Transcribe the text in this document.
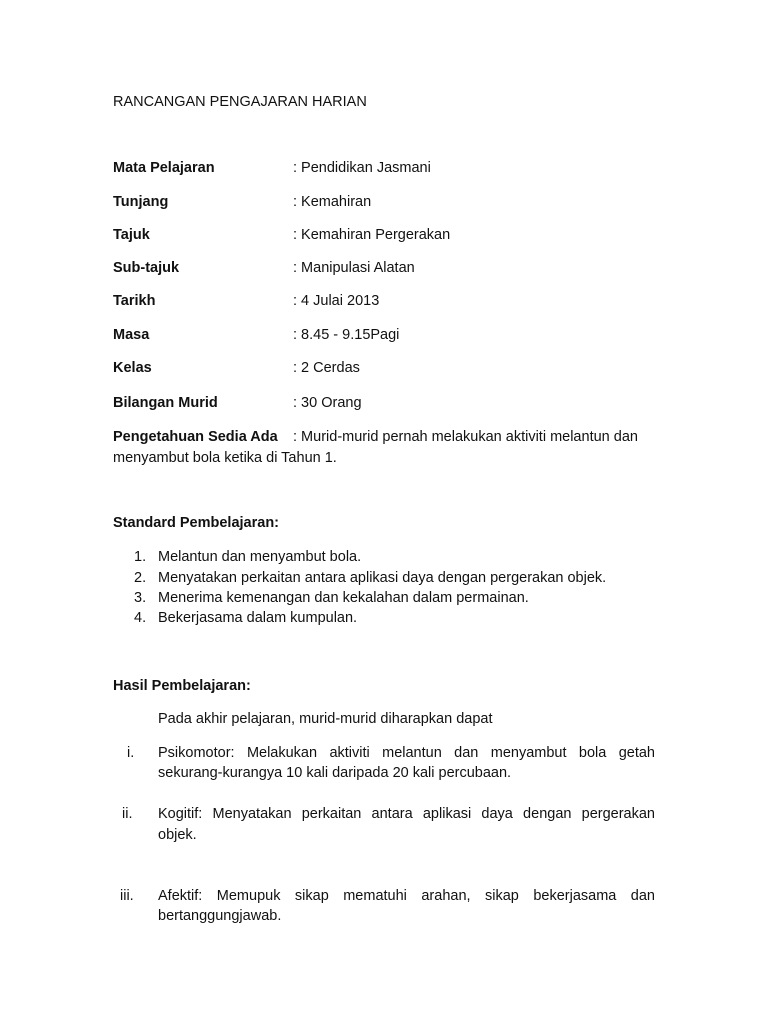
RANCANGAN PENGAJARAN HARIAN
Mata Pelajaran	: Pendidikan Jasmani
Tunjang	: Kemahiran
Tajuk	: Kemahiran Pergerakan
Sub-tajuk	: Manipulasi Alatan
Tarikh	: 4 Julai 2013
Masa	: 8.45 - 9.15Pagi
Kelas	: 2 Cerdas
Bilangan Murid	: 30 Orang
Pengetahuan Sedia Ada : Murid-murid pernah melakukan aktiviti melantun dan
menyambut bola ketika di Tahun 1.
Standard Pembelajaran:
1. Melantun dan menyambut bola.
2. Menyatakan perkaitan antara aplikasi daya dengan pergerakan objek.
3. Menerima kemenangan dan kekalahan dalam permainan.
4. Bekerjasama dalam kumpulan.
Hasil Pembelajaran:
Pada akhir pelajaran, murid-murid diharapkan dapat
i. Psikomotor: Melakukan aktiviti melantun dan menyambut bola getah
sekurang-kurangya 10 kali daripada 20 kali percubaan.
ii. Kogitif: Menyatakan perkaitan antara aplikasi daya dengan pergerakan
objek.
iii. Afektif: Memupuk sikap mematuhi arahan, sikap bekerjasama dan
bertanggungjawab.
